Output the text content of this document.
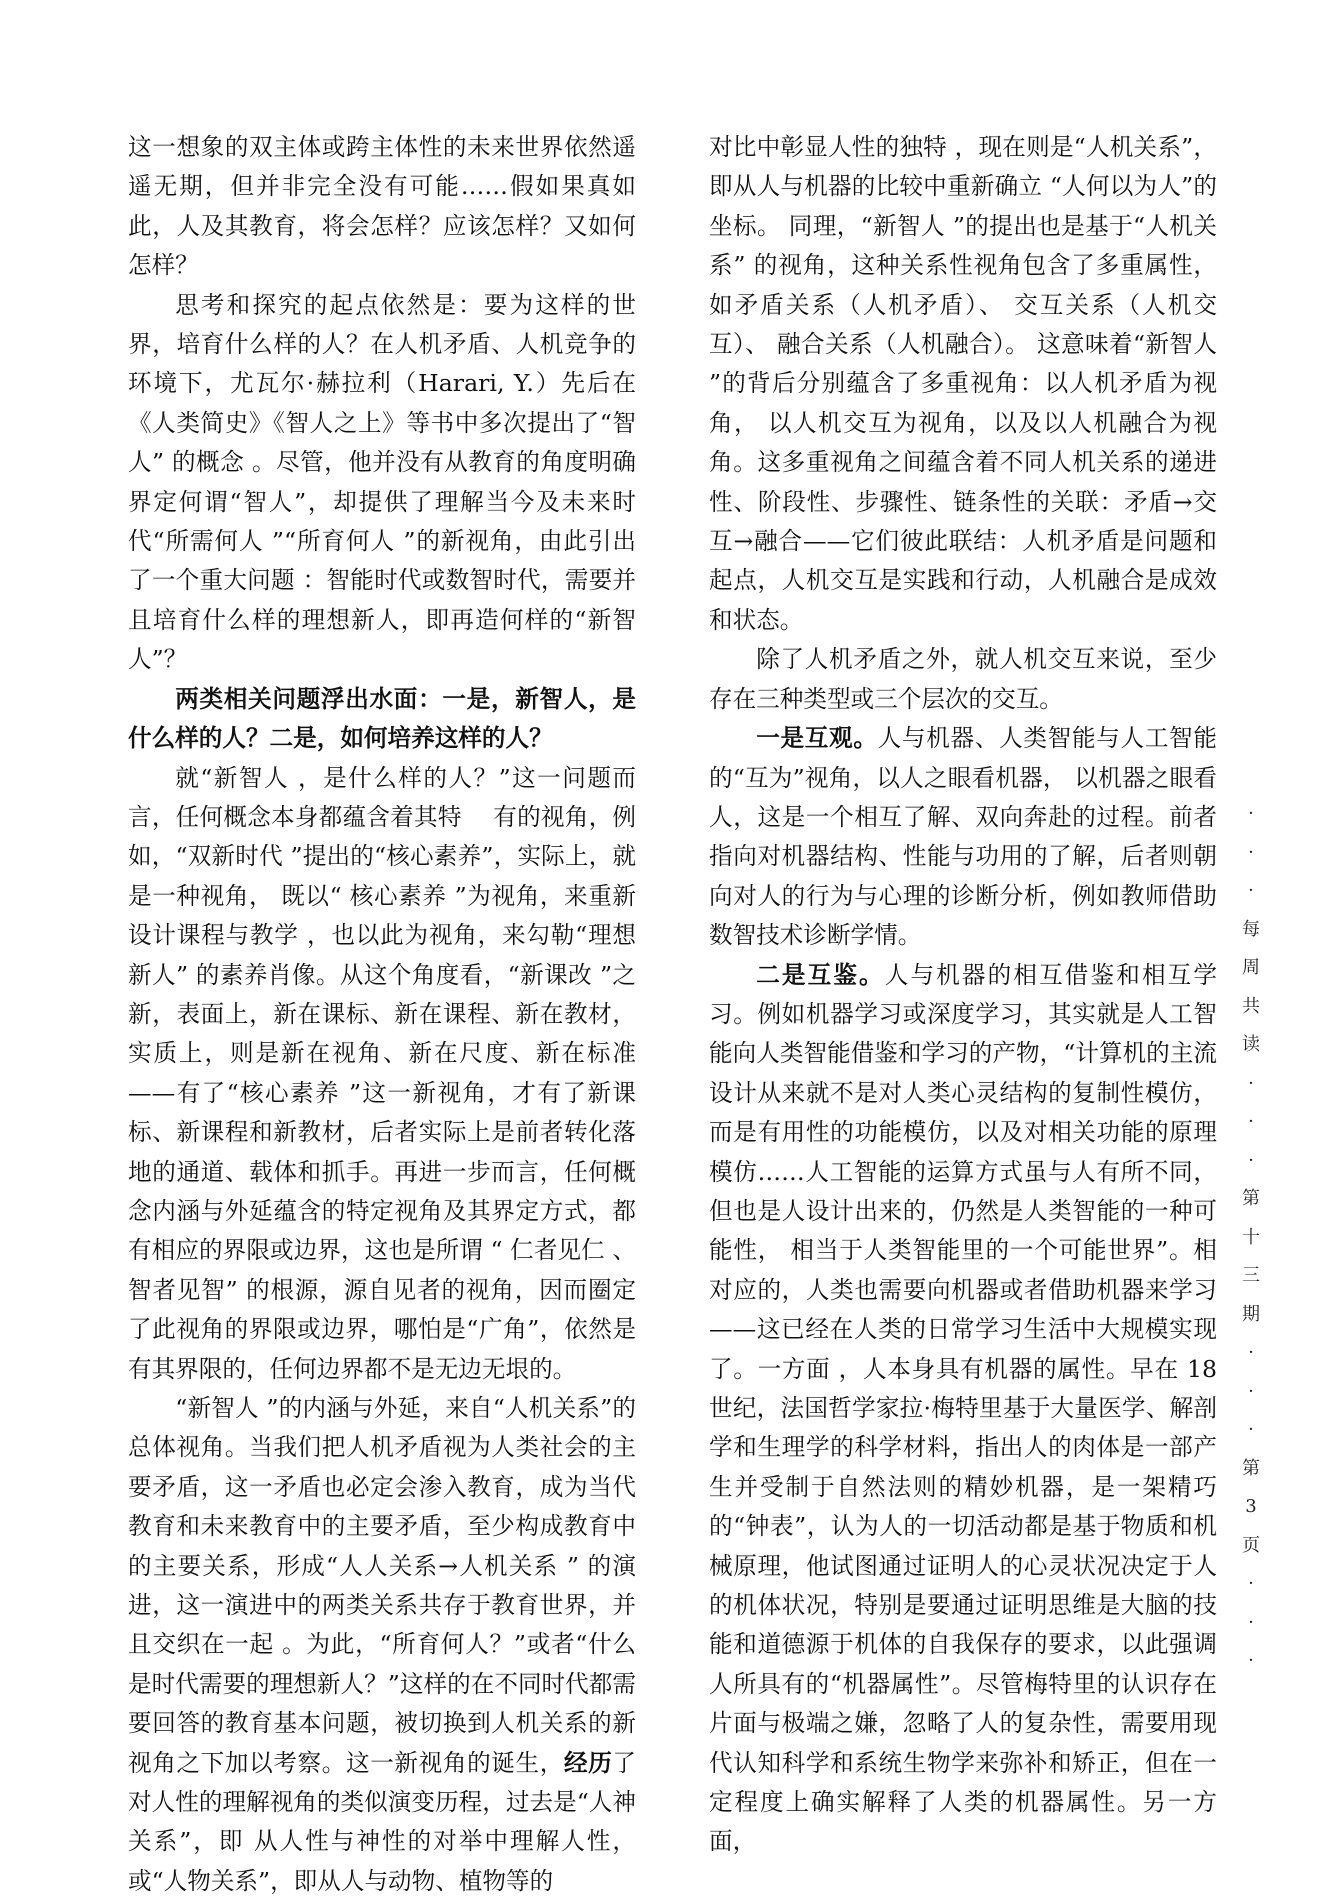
这一想象的双主体或跨主体性的未来世界依然遥遥无期，但并非完全没有可能……假如果真如此，人及其教育，将会怎样？应该怎样？又如何怎样？

思考和探究的起点依然是：要为这样的世界，培育什么样的人？在人机矛盾、人机竞争的环境下，尤瓦尔·赫拉利（Harari, Y.）先后在《人类简史》《智人之上》等书中多次提出了“智人” 的概念 。尽管，他并没有从教育的角度明确界定何谓“智人”，却提供了理解当今及未来时代“所需何人 ”“所育何人 ”的新视角，由此引出了一个重大问题 ：智能时代或数智时代，需要并且培育什么样的理想新人，即再造何样的“新智人”？

两类相关问题浮出水面：一是，新智人，是什么样的人？二是，如何培养这样的人？

就“新智人 ，是什么样的人？”这一问题而言，任何概念本身都蕴含着其特　 有的视角，例如，“双新时代 ”提出的“核心素养”，实际上，就是一种视角， 既以“ 核心素养 ”为视角，来重新设计课程与教学 ，也以此为视角，来勾勒“理想新人” 的素养肖像。从这个角度看，“新课改 ”之新，表面上，新在课标、新在课程、新在教材，实质上，则是新在视角、新在尺度、新在标准——有了“核心素养 ”这一新视角，才有了新课标、新课程和新教材，后者实际上是前者转化落地的通道、载体和抓手。再进一步而言，任何概念内涵与外延蕴含的特定视角及其界定方式，都有相应的界限或边界，这也是所谓 “ 仁者见仁 、智者见智” 的根源，源自见者的视角，因而圈定了此视角的界限或边界，哪怕是“广角”，依然是有其界限的，任何边界都不是无边无垠的。

“新智人 ”的内涵与外延，来自“人机关系”的总体视角。当我们把人机矛盾视为人类社会的主要矛盾，这一矛盾也必定会渗入教育，成为当代教育和未来教育中的主要矛盾，至少构成教育中的主要关系，形成“人人关系→人机关系 ” 的演进，这一演进中的两类关系共存于教育世界，并且交织在一起 。为此，“所育何人？”或者“什么是时代需要的理想新人？”这样的在不同时代都需要回答的教育基本问题，被切换到人机关系的新视角之下加以考察。这一新视角的诞生，经历了对人性的理解视角的类似演变历程，过去是“人神关系”，即 从人性与神性的对举中理解人性，或“人物关系”，即从人与动物、植物等的

对比中彰显人性的独特 ，现在则是“人机关系”，即从人与机器的比较中重新确立 “人何以为人”的坐标。 同理，“新智人 ”的提出也是基于“人机关系” 的视角，这种关系性视角包含了多重属性，如矛盾关系（人机矛盾）、 交互关系（人机交互）、 融合关系（人机融合）。 这意味着“新智人 ”的背后分别蕴含了多重视角：以人机矛盾为视角， 以人机交互为视角，以及以人机融合为视角。这多重视角之间蕴含着不同人机关系的递进性、阶段性、步骤性、链条性的关联：矛盾→交互→融合——它们彼此联结：人机矛盾是问题和起点，人机交互是实践和行动，人机融合是成效和状态。

除了人机矛盾之外，就人机交互来说，至少存在三种类型或三个层次的交互。

一是互观。人与机器、人类智能与人工智能的“互为”视角，以人之眼看机器， 以机器之眼看人，这是一个相互了解、双向奔赴的过程。前者指向对机器结构、性能与功用的了解，后者则朝向对人的行为与心理的诊断分析，例如教师借助数智技术诊断学情。

二是互鉴。人与机器的相互借鉴和相互学习。例如机器学习或深度学习，其实就是人工智能向人类智能借鉴和学习的产物，“计算机的主流设计从来就不是对人类心灵结构的复制性模仿，而是有用性的功能模仿，以及对相关功能的原理模仿……人工智能的运算方式虽与人有所不同，但也是人设计出来的，仍然是人类智能的一种可能性， 相当于人类智能里的一个可能世界”。相对应的，人类也需要向机器或者借助机器来学习——这已经在人类的日常学习生活中大规模实现了。一方面 ，人本身具有机器的属性。早在 18 世纪，法国哲学家拉·梅特里基于大量医学、解剖学和生理学的科学材料，指出人的肉体是一部产生并受制于自然法则的精妙机器，是一架精巧的“钟表”，认为人的一切活动都是基于物质和机械原理，他试图通过证明人的心灵状况决定于人的机体状况，特别是要通过证明思维是大脑的技能和道德源于机体的自我保存的要求，以此强调人所具有的“机器属性”。尽管梅特里的认识存在片面与极端之嫌，忽略了人的复杂性，需要用现代认知科学和系统生物学来弥补和矫正，但在一定程度上确实解释了人类的机器属性。另一方面，

·
·
·
每
周
共
读
·
·
·
第
十
三
期
·
·
·
第
3
页
·
·
·
